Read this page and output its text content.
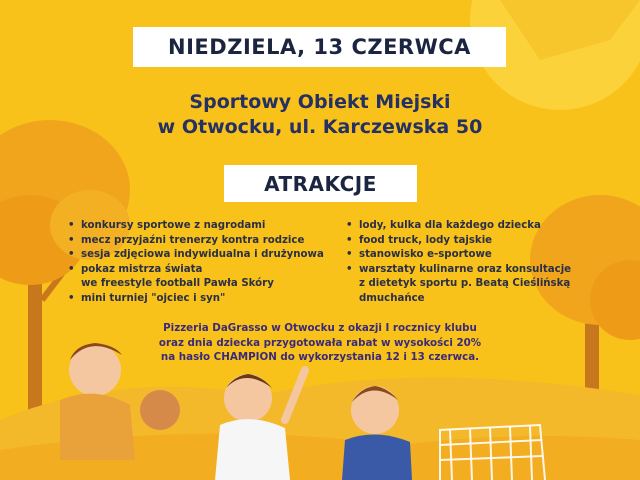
NIEDZIELA, 13 CZERWCA
Sportowy Obiekt Miejski
w Otwocku, ul. Karczewska 50
ATRAKCJE
• konkursy sportowe z nagrodami
• mecz przyjaźni trenerzy kontra rodzice
• sesja zdjęciowa indywidualna i drużynowa
• pokaz mistrza świata
we freestyle football Pawła Skóry
• mini turniej "ojciec i syn"
• lody, kulka dla każdego dziecka
• food truck, lody tajskie
• stanowisko e-sportowe
• warsztaty kulinarne oraz konsultacje
z dietetyk sportu p. Beatą Cieślińską
dmuchańce
Pizzeria DaGrasso w Otwocku z okazji I rocznicy klubu
oraz dnia dziecka przygotowała rabat w wysokości 20%
na hasło CHAMPION do wykorzystania 12 i 13 czerwca.
